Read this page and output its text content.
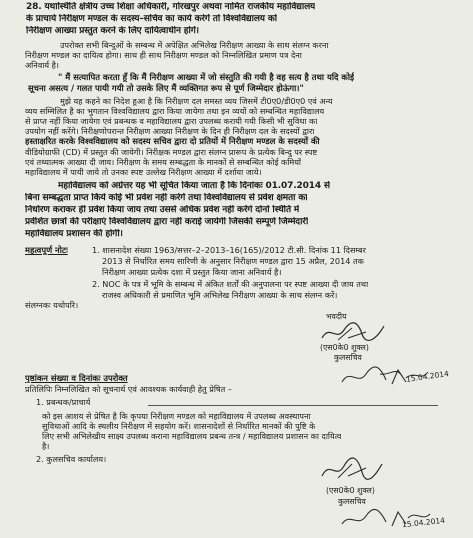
28. यथास्थिति क्षेत्रीय उच्च शिक्षा अधिकारी, गोरखपुर अथवा नामित राजकीय महाविद्यालय
के प्राचार्य निरीक्षण मण्डल के सदस्य–सचिव का कार्य करेगें तो विश्वविद्यालय को
निरीक्षण आख्या प्रस्तुत करने के लिए दायित्वाधीन होगें।
उपरोक्त सभी बिन्दुओं के सम्बन्ध में अपेक्षित अभिलेख निरीक्षण आख्या के साथ संलग्न करना
निरीक्षण मण्डल का दायित्व होगा। साथ ही साथ निरीक्षण मण्डल को निम्नलिखित प्रमाण पत्र देना
अनिवार्य है।
" मैं सत्यापित करता हूँ कि मैं निरीक्षण आख्या में जो संस्तुति की गयी है वह सत्य है तथा यदि कोई
सूचना असत्य / गलत पायी गयी तो उसके लिए मैं व्यक्तिगत रूप से पूर्ण जिम्मेदार होऊंगा।"
मुझे यह कहने का निदेश हुआ है कि निरीक्षण दल समस्त व्यय जिसमें टी0ए0/डी0ए0 एवं अन्य
व्यय सम्मिलित है का भुगतान विश्वविद्यालय द्वारा किया जायेगा तथा इन व्ययों को सम्बन्धित महाविद्यालय
से प्राप्त नहीं किया जायेगा एवं प्रबन्धक व महाविद्यालय द्वारा उपलब्ध करायी गयी किसी भी सुविधा का
उपयोग नहीं करेंगे। निरीक्षणोपरान्त निरीक्षण आख्या निरीक्षण के दिन ही निरीक्षण दल के सदस्यों द्वारा
हस्ताक्षरित करके विश्वविद्यालय को सदस्य सचिव द्वारा दो प्रतियों में निरीक्षण मण्डल के सदस्यों की
वीडियोग्राफी (CD) में प्रस्तुत की जायेगी। निरीक्षक मण्डल द्वारा संलग्न प्रारूप के प्रत्येक बिन्दु पर स्पष्ट
एवं तथ्यात्मक आख्या दी जाय। निरीक्षण के समय सम्बद्धता के मानकों से सम्बन्धित कोई कमियाँ
महाविद्यालय में पायी जाये तो उनका स्पष्ट उल्लेख निरीक्षण आख्या में दर्शाया जाये।
महाविद्यालय को अग्रेत्तर यह भी सूचित किया जाता है कि दिनांकः 01.07.2014 से
बिना सम्बद्धता प्राप्त किये कोई भी प्रवेश नहीं करेगें तथा विश्वविद्यालय से प्रवेश क्षमता का
निर्धारण कराकर ही प्रवेश किया जाय तथा उससे अधिक प्रवेश नहीं करेंगे दोनो स्थिति में
प्रवेशित छात्रों की परीक्षाएं विश्वविद्यालय द्वारा नहीं कराई जायेगी जिसकी सम्पूर्ण जिम्मेदारी
महाविद्यालय प्रशासन की होगी।
महत्वपूर्ण नोटः	1. शासनादेश संख्या 1963/सत्तर–2–2013–16(165)/2012 टी.सी. दिनांक 11 दिसम्बर
2013 से निर्धारित समय सारिणी के अनुसार निरीक्षण मण्डल द्वारा 15 अप्रैल, 2014 तक
निरीक्षण आख्या प्रत्येक दशा में प्रस्तुत किया जाना अनिवार्य है।
2. NOC के पत्र में भूमि के सम्बन्ध में अंकित शर्तों की अनुपालना पर स्पष्ट आख्या दी जाय तथा
राजस्व अधिकारी से प्रमाणित भूमि अभिलेख निरीक्षण आख्या के साथ संलग्न करें।
संलग्नकः यथोपरि।
भवदीय
(एस0के0 शुक्ल)
कुलसचिव
15.04.2014
पृष्ठांकन संख्या व दिनांकः उपरोक्त
प्रतिलिपिः निम्नलिखित को सूचनार्थ एवं आवश्यक कार्यवाही हेतु प्रेषित –
1. प्रबन्धक/प्राचार्य
को इस आशय से प्रेषित है कि कृपया निरीक्षण मण्डल को महाविद्यालय में उपलब्ध अवस्थापना
सुविधाओं आदि के स्थलीय निरीक्षण में सहयोग करें। शासनादेशों से निर्धारित मानकों की पुष्टि के
लिए सभी अभिलेखीय साक्ष्य उपलब्ध कराना महाविद्यालय प्रबन्ध तन्त्र / महाविद्यालय प्रशासन का दायित्व
है।
2. कुलसचिव कार्यालय।
(एस0के0 शुक्ल)
कुलसचिव
15.04.2014
